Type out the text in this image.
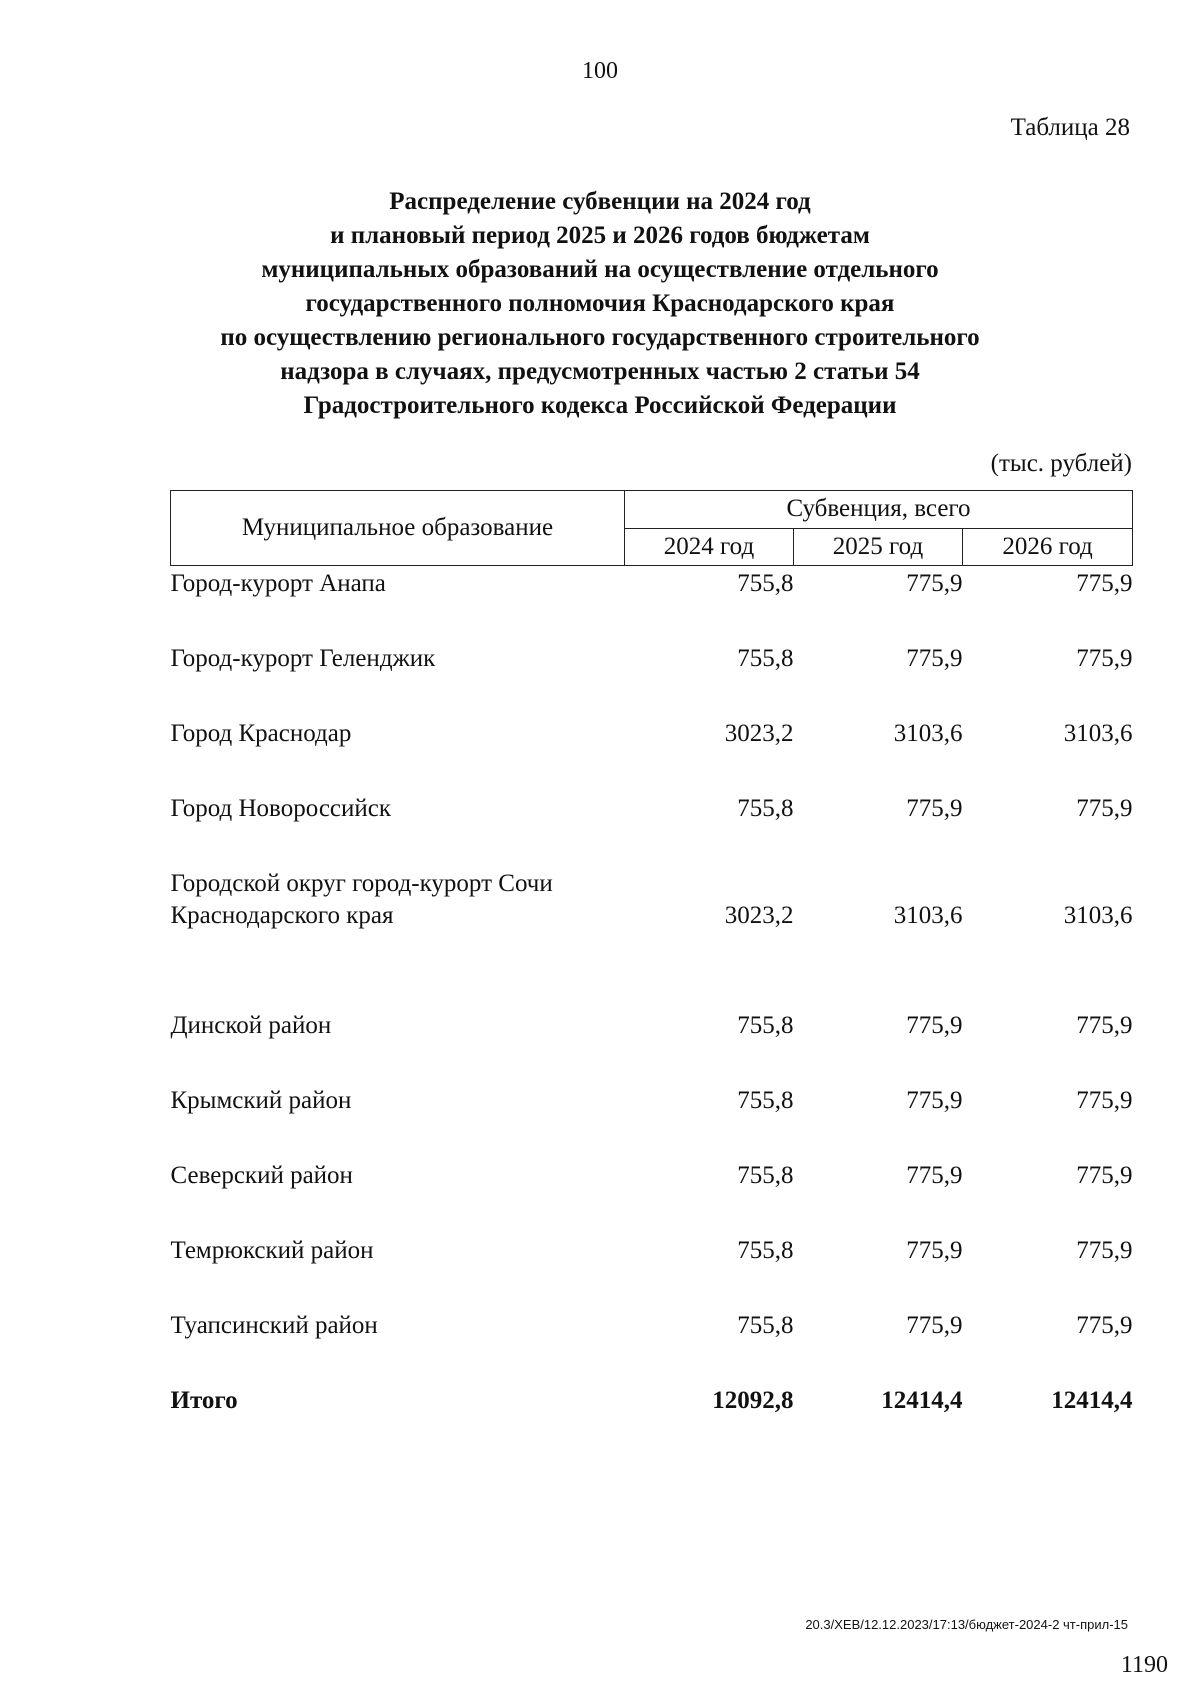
100
Таблица 28
Распределение субвенции на 2024 год
и плановый период 2025 и 2026 годов бюджетам
муниципальных образований на осуществление отдельного
государственного полномочия Краснодарского края
по осуществлению регионального государственного строительного
надзора в случаях, предусмотренных частью 2 статьи 54
Градостроительного кодекса Российской Федерации
(тыс. рублей)
Муниципальное образование	Субвенция, всего		
	2024 год	2025 год	2026 год
Город-курорт Анапа	755,8	775,9	775,9
Город-курорт Геленджик	755,8	775,9	775,9
Город Краснодар	3023,2	3103,6	3103,6
Город Новороссийск	755,8	775,9	775,9

Городской округ город-курорт Сочи
Краснодарского края	3023,2	3103,6	3103,6
Динской район	755,8	775,9	775,9
Крымский район	755,8	775,9	775,9
Северский район	755,8	775,9	775,9
Темрюкский район	755,8	775,9	775,9
Туапсинский район	755,8	775,9	775,9
Итого	12092,8	12414,4	12414,4
20.3/ХЕВ/12.12.2023/17:13/бюджет-2024-2 чт-прил-15
1190
